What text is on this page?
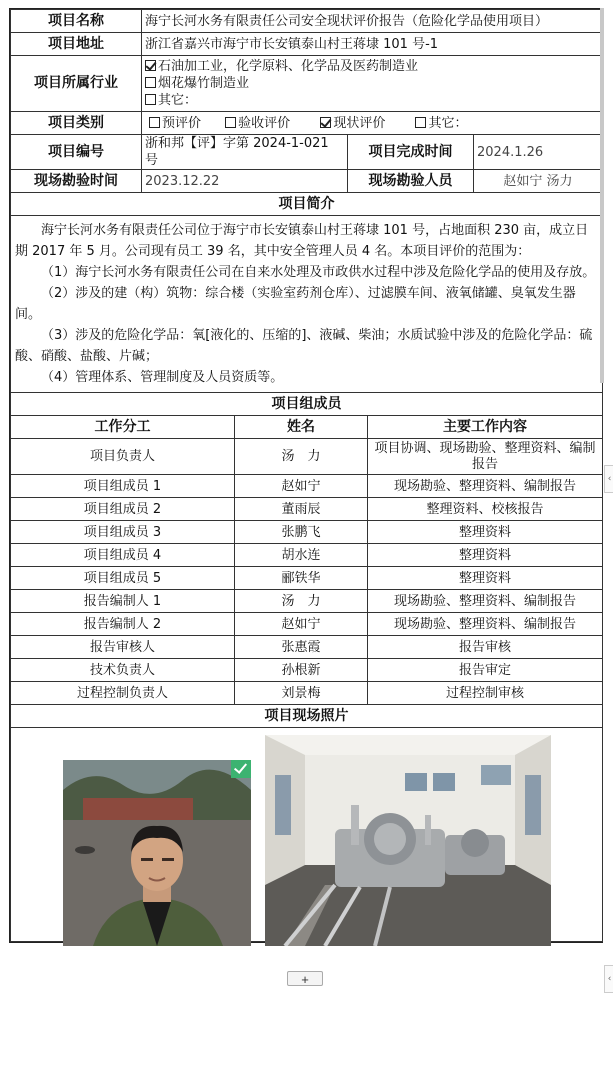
项目名称	海宁长河水务有限责任公司安全现状评价报告（危险化学品使用项目）		
项目地址	浙江省嘉兴市海宁市长安镇泰山村王蒋埭 101 号-1		
项目所属行业	石油加工业，化学原料、化学品及医药制造业
烟花爆竹制造业
其它：		

项目类别	预评价 验收评价 现状评价 其它：		
项目编号	浙和邦【评】字第 2024-1-021 号	项目完成时间	2024.1.26
现场勘验时间	2023.12.22	现场勘验人员	赵如宁 汤力
项目简介			

海宁长河水务有限责任公司位于海宁市长安镇泰山村王蒋埭 101 号，占地面积 230 亩，成立日期 2017 年 5 月。公司现有员工 39 名，其中安全管理人员 4 名。本项目评价的范围为：

（1）海宁长河水务有限责任公司在自来水处理及市政供水过程中涉及危险化学品的使用及存放。

（2）涉及的建（构）筑物：综合楼（实验室药剂仓库）、过滤膜车间、液氧储罐、臭氧发生器间。

（3）涉及的危险化学品：氧[液化的、压缩的]、液碱、柴油；水质试验中涉及的危险化学品：硫酸、硝酸、盐酸、片碱；

（4）管理体系、管理制度及人员资质等。			

项目组成员		
工作分工	姓名	主要工作内容
项目负责人	汤　力	项目协调、现场勘验、整理资料、编制报告
项目组成员 1	赵如宁	现场勘验、整理资料、编制报告
项目组成员 2	董雨辰	整理资料、校核报告
项目组成员 3	张鹏飞	整理资料
项目组成员 4	胡水连	整理资料
项目组成员 5	郦铁华	整理资料
报告编制人 1	汤　力	现场勘验、整理资料、编制报告
报告编制人 2	赵如宁	现场勘验、整理资料、编制报告
报告审核人	张惠霞	报告审核
技术负责人	孙根新	报告审定
过程控制负责人	刘景梅	过程控制审核
项目现场照片		

‹
‹
+
